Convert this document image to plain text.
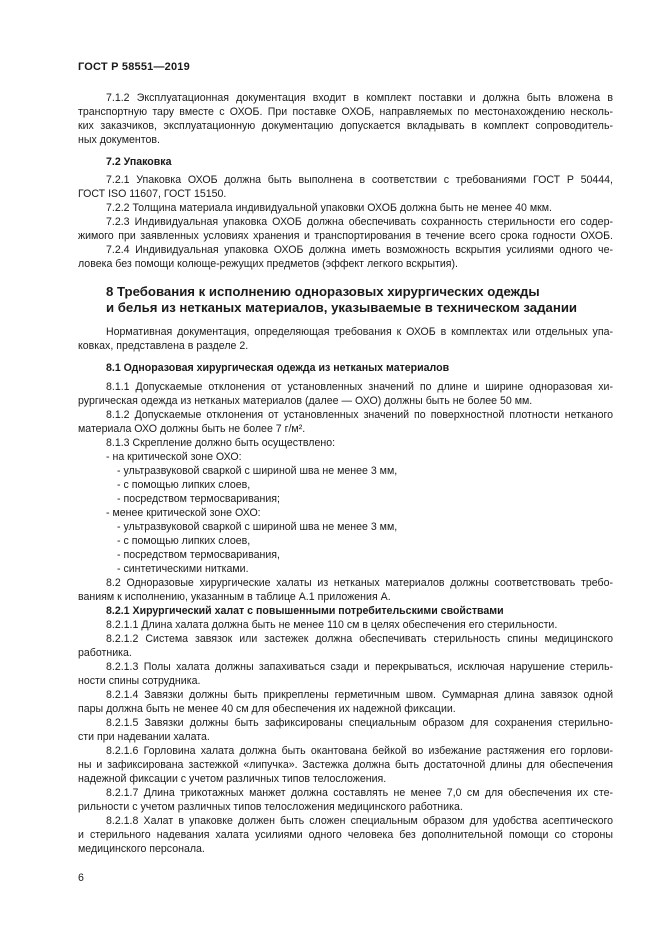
ГОСТ Р 58551—2019
7.1.2 Эксплуатационная документация входит в комплект поставки и должна быть вложена в
транспортную тару вместе с ОХОБ. При поставке ОХОБ, направляемых по местонахождению несколь-
ких заказчиков, эксплуатационную документацию допускается вкладывать в комплект сопроводитель-
ных документов.
7.2 Упаковка
7.2.1 Упаковка ОХОБ должна быть выполнена в соответствии с требованиями ГОСТ Р 50444,
ГОСТ ISO 11607, ГОСТ 15150.
7.2.2 Толщина материала индивидуальной упаковки ОХОБ должна быть не менее 40 мкм.
7.2.3 Индивидуальная упаковка ОХОБ должна обеспечивать сохранность стерильности его содер-
жимого при заявленных условиях хранения и транспортирования в течение всего срока годности ОХОБ.
7.2.4 Индивидуальная упаковка ОХОБ должна иметь возможность вскрытия усилиями одного че-
ловека без помощи колюще-режущих предметов (эффект легкого вскрытия).
8 Требования к исполнению одноразовых хирургических одежды
и белья из нетканых материалов, указываемые в техническом задании
Нормативная документация, определяющая требования к ОХОБ в комплектах или отдельных упа-
ковках, представлена в разделе 2.
8.1 Одноразовая хирургическая одежда из нетканых материалов
8.1.1 Допускаемые отклонения от установленных значений по длине и ширине одноразовая хи-
рургическая одежда из нетканых материалов (далее — ОХО) должны быть не более 50 мм.
8.1.2 Допускаемые отклонения от установленных значений по поверхностной плотности нетканого
материала ОХО должны быть не более 7 г/м².
8.1.3 Скрепление должно быть осуществлено:
- на критической зоне ОХО:
- ультразвуковой сваркой с шириной шва не менее 3 мм,
- с помощью липких слоев,
- посредством термосваривания;
- менее критической зоне ОХО:
- ультразвуковой сваркой с шириной шва не менее 3 мм,
- с помощью липких слоев,
- посредством термосваривания,
- синтетическими нитками.
8.2 Одноразовые хирургические халаты из нетканых материалов должны соответствовать требо-
ваниям к исполнению, указанным в таблице А.1 приложения А.
8.2.1 Хирургический халат с повышенными потребительскими свойствами
8.2.1.1 Длина халата должна быть не менее 110 см в целях обеспечения его стерильности.
8.2.1.2 Система завязок или застежек должна обеспечивать стерильность спины медицинского
работника.
8.2.1.3 Полы халата должны запахиваться сзади и перекрываться, исключая нарушение стериль-
ности спины сотрудника.
8.2.1.4 Завязки должны быть прикреплены герметичным швом. Суммарная длина завязок одной
пары должна быть не менее 40 см для обеспечения их надежной фиксации.
8.2.1.5 Завязки должны быть зафиксированы специальным образом для сохранения стерильно-
сти при надевании халата.
8.2.1.6 Горловина халата должна быть окантована бейкой во избежание растяжения его горлови-
ны и зафиксирована застежкой «липучка». Застежка должна быть достаточной длины для обеспечения
надежной фиксации с учетом различных типов телосложения.
8.2.1.7 Длина трикотажных манжет должна составлять не менее 7,0 см для обеспечения их сте-
рильности с учетом различных типов телосложения медицинского работника.
8.2.1.8 Халат в упаковке должен быть сложен специальным образом для удобства асептического
и стерильного надевания халата усилиями одного человека без дополнительной помощи со стороны
медицинского персонала.
6
